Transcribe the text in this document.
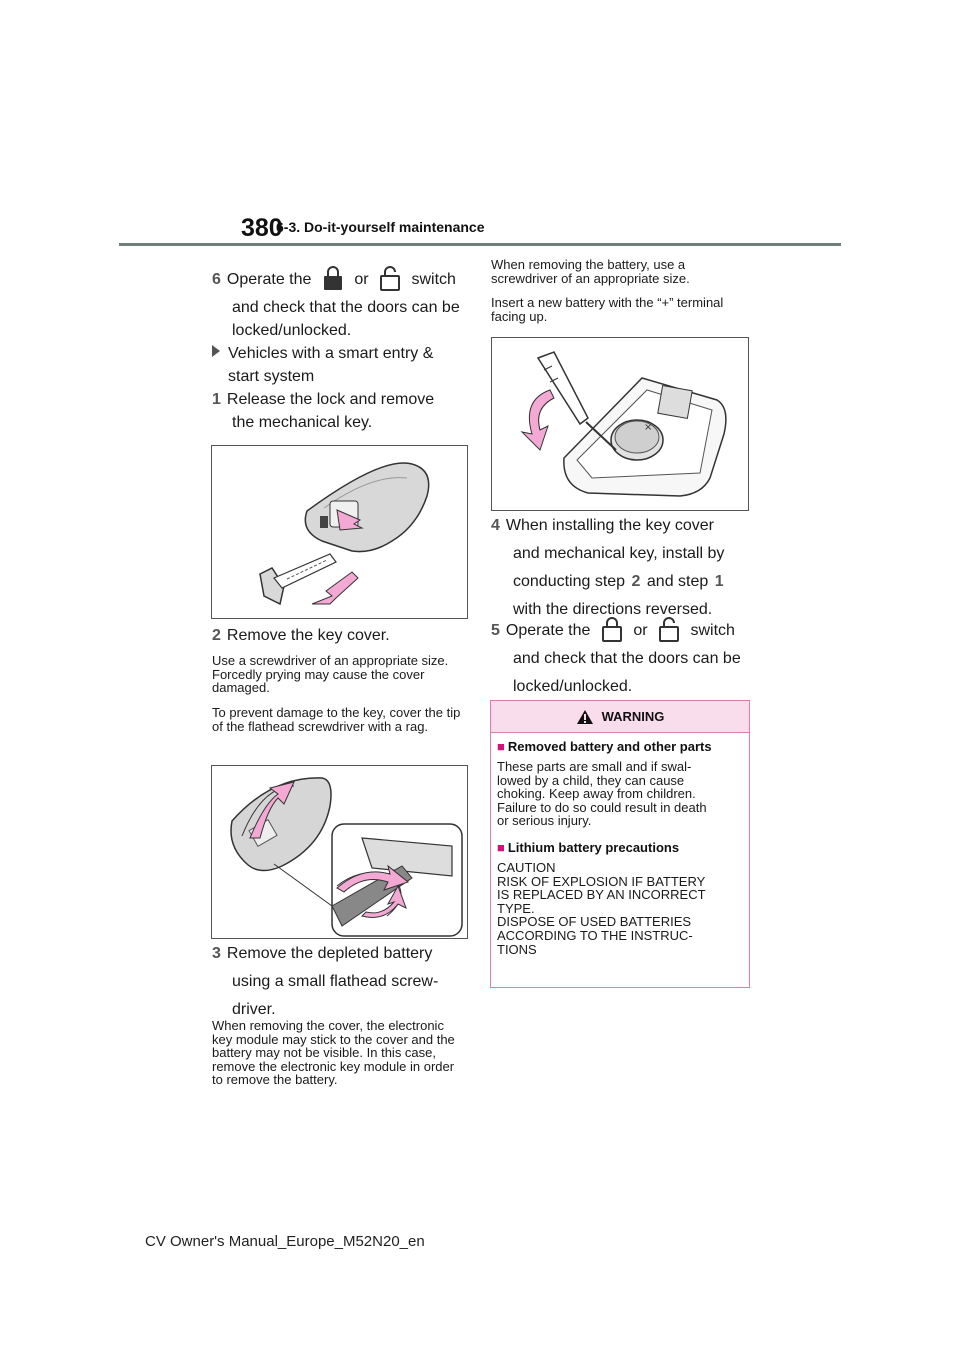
380
6-3. Do-it-yourself maintenance
6 Operate the	or	switch
and check that the doors can be
locked/unlocked.
Vehicles with a smart entry &
start system
1 Release the lock and remove
the mechanical key.
2 Remove the key cover.
Use a screwdriver of an appropriate size. Forcedly prying may cause the cover damaged.
To prevent damage to the key, cover the tip of the flathead screwdriver with a rag.
3 Remove the depleted battery
using a small flathead screw-
driver.
When removing the cover, the electronic key module may stick to the cover and the battery may not be visible. In this case, remove the electronic key module in order to remove the battery.
When removing the battery, use a screwdriver of an appropriate size.
Insert a new battery with the “+” terminal facing up.
×
4 When installing the key cover
and mechanical key, install by
conducting step 2 and step 1
with the directions reversed.
5 Operate the	or	switch
and check that the doors can be
locked/unlocked.
WARNING
■ Removed battery and other parts
These parts are small and if swal-
lowed by a child, they can cause
choking. Keep away from children.
Failure to do so could result in death
or serious injury.
■ Lithium battery precautions
CAUTION
RISK OF EXPLOSION IF BATTERY
IS REPLACED BY AN INCORRECT
TYPE.
DISPOSE OF USED BATTERIES
ACCORDING TO THE INSTRUC-
TIONS
CV Owner's Manual_Europe_M52N20_en
